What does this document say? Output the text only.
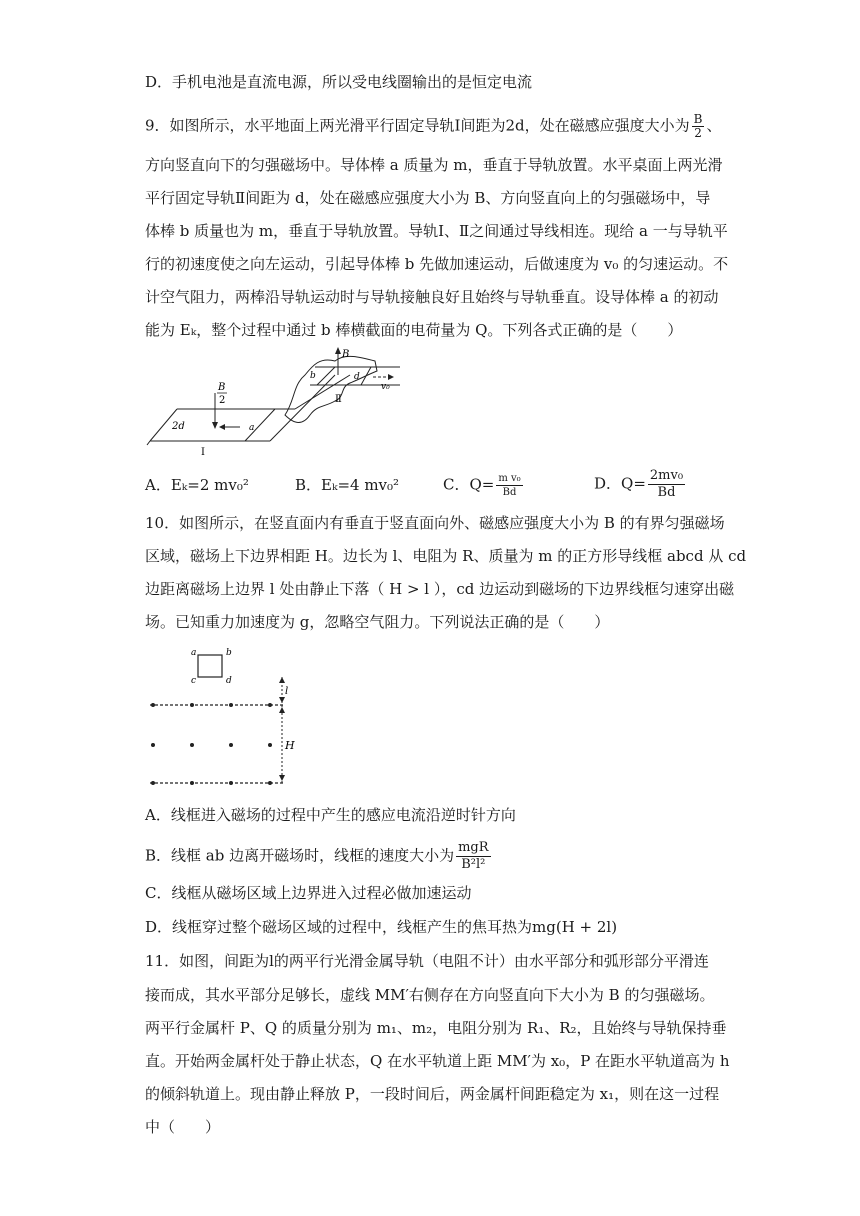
D．手机电池是直流电源，所以受电线圈输出的是恒定电流
9．如图所示，水平地面上两光滑平行固定导轨Ⅰ间距为2d，处在磁感应强度大小为 $\frac{B}{2}$ 、
方向竖直向下的匀强磁场中。导体棒 a 质量为 m，垂直于导轨放置。水平桌面上两光滑
平行固定导轨Ⅱ间距为 d，处在磁感应强度大小为 B、方向竖直向上的匀强磁场中，导
体棒 b 质量也为 m，垂直于导轨放置。导轨Ⅰ、Ⅱ之间通过导线相连。现给 a 一与导轨平
行的初速度使之向左运动，引起导体棒 b 先做加速运动，后做速度为 v₀ 的匀速运动。不
计空气阻力，两棒沿导轨运动时与导轨接触良好且始终与导轨垂直。设导体棒 a 的初动
能为 Eₖ，整个过程中通过 b 棒横截面的电荷量为 Q。下列各式正确的是（　　）
B
B
2
2d	a
b	d
v₀
Ⅰ
Ⅱ
A．Eₖ=2 mv₀²	B．Eₖ=4 mv₀²	C．$Q= \frac{\text{m v₀}}{Bd}$	D．$Q= \frac{\text{2mv₀}}{Bd}$
10．如图所示，在竖直面内有垂直于竖直面向外、磁感应强度大小为 B 的有界匀强磁场
区域，磁场上下边界相距 H。边长为 l、电阻为 R、质量为 m 的正方形导线框 abcd 从 cd
边距离磁场上边界 l 处由静止下落（ H > l ），cd 边运动到磁场的下边界线框匀速穿出磁
场。已知重力加速度为 g，忽略空气阻力。下列说法正确的是（　　）
a	b
c	d
l
H
A．线框进入磁场的过程中产生的感应电流沿逆时针方向
B．线框 ab 边离开磁场时，线框的速度大小为 $\frac{\text{mgR}}{\text{B²l²}}$
C．线框从磁场区域上边界进入过程必做加速运动
D．线框穿过整个磁场区域的过程中，线框产生的焦耳热为mg(H + 2l)
11．如图，间距为l的两平行光滑金属导轨（电阻不计）由水平部分和弧形部分平滑连
接而成，其水平部分足够长，虚线 MM′右侧存在方向竖直向下大小为 B 的匀强磁场。
两平行金属杆 P、Q 的质量分别为 m₁、m₂，电阻分别为 R₁、R₂，且始终与导轨保持垂
直。开始两金属杆处于静止状态，Q 在水平轨道上距 MM′为 x₀，P 在距水平轨道高为 h
的倾斜轨道上。现由静止释放 P，一段时间后，两金属杆间距稳定为 x₁，则在这一过程
中（　　）
